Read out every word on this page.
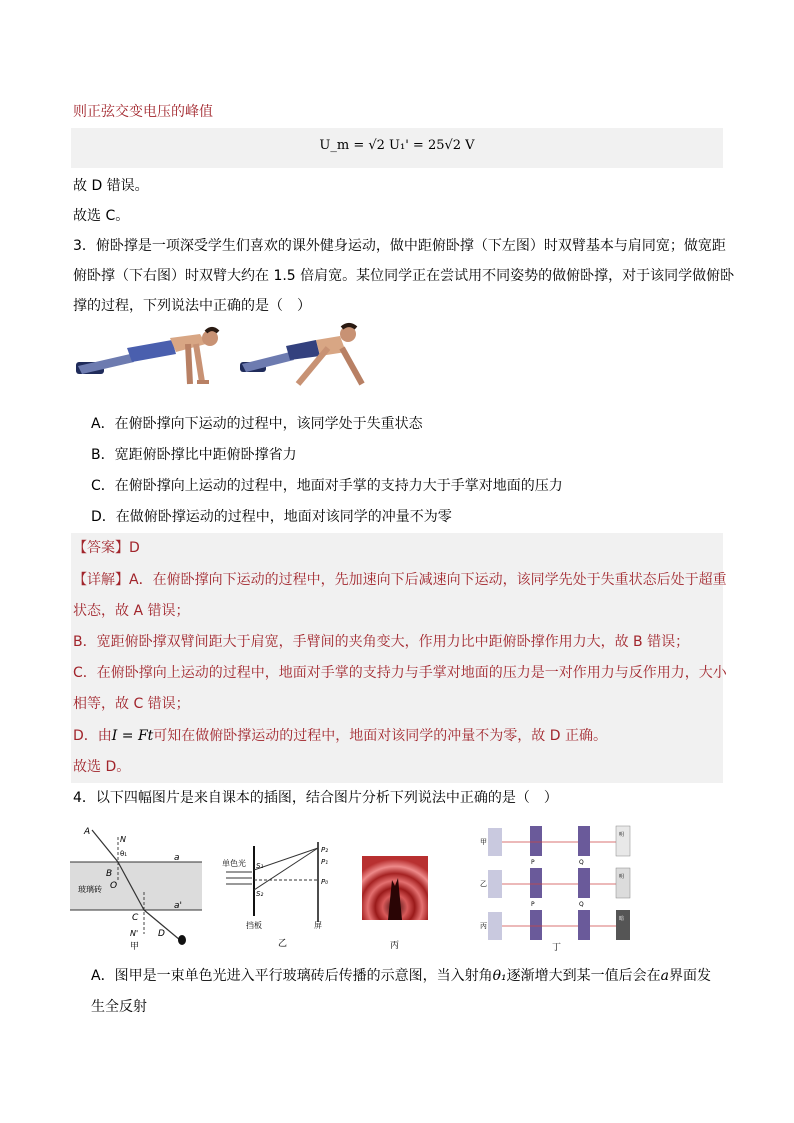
则正弦交变电压的峰值
U_m = √2 U₁' = 25√2 V
故 D 错误。
故选 C。
3．俯卧撑是一项深受学生们喜欢的课外健身运动，做中距俯卧撑（下左图）时双臂基本与肩同宽；做宽距
俯卧撑（下右图）时双臂大约在 1.5 倍肩宽。某位同学正在尝试用不同姿势的做俯卧撑，对于该同学做俯卧
撑的过程，下列说法中正确的是（　）
A．在俯卧撑向下运动的过程中，该同学处于失重状态
B．宽距俯卧撑比中距俯卧撑省力
C．在俯卧撑向上运动的过程中，地面对手掌的支持力大于手掌对地面的压力
D．在做俯卧撑运动的过程中，地面对该同学的冲量不为零
【答案】D
【详解】A．在俯卧撑向下运动的过程中，先加速向下后减速向下运动，该同学先处于失重状态后处于超重
状态，故 A 错误；
B．宽距俯卧撑双臂间距大于肩宽，手臂间的夹角变大，作用力比中距俯卧撑作用力大，故 B 错误；
C．在俯卧撑向上运动的过程中，地面对手掌的支持力与手掌对地面的压力是一对作用力与反作用力，大小
相等，故 C 错误；
D．由I = Ft可知在做俯卧撑运动的过程中，地面对该同学的冲量不为零，故 D 正确。
故选 D。
4．以下四幅图片是来自课本的插图，结合图片分析下列说法中正确的是（　）
A
N
θ₁
B
O
a
玻璃砖
a'
C
N' D
甲
单色光 S₁
S₂
P₂
P₁
P₀
挡板	屏
乙	丙
甲
P	Q
明
乙
P	Q
明
丙
暗
丁
A．图甲是一束单色光进入平行玻璃砖后传播的示意图，当入射角θ₁逐渐增大到某一值后会在a界面发
生全反射
